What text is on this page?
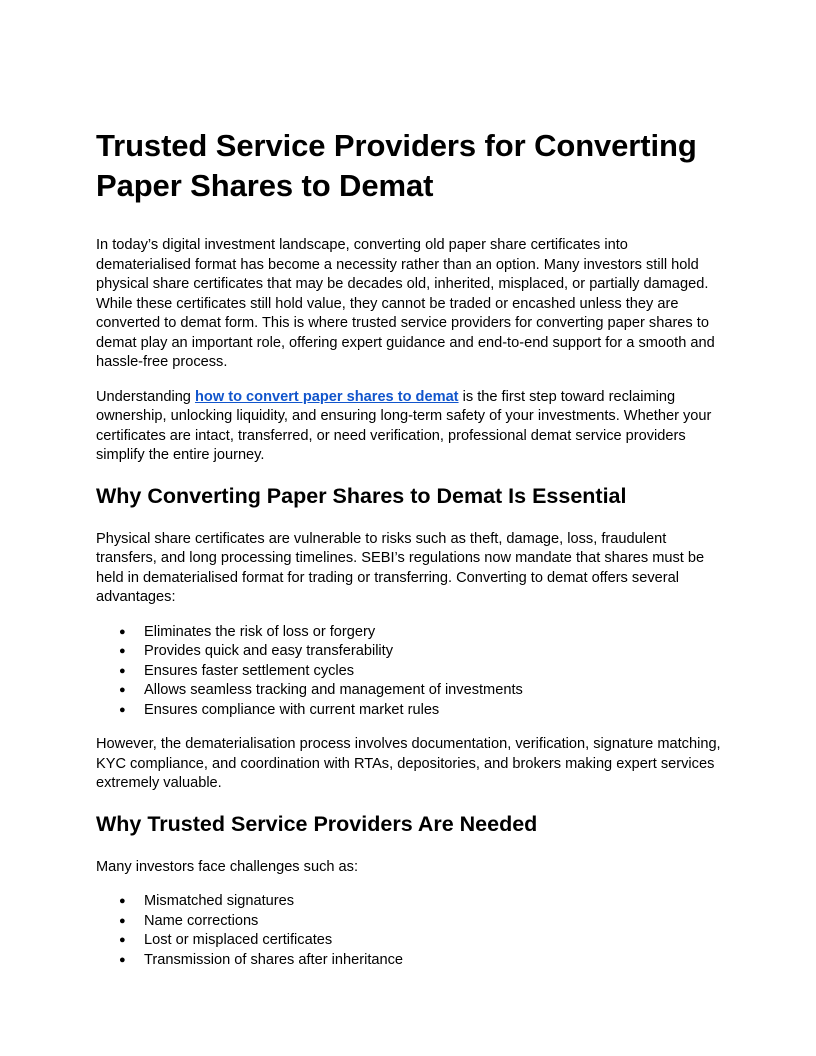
Trusted Service Providers for Converting Paper Shares to Demat

In today’s digital investment landscape, converting old paper share certificates into dematerialised format has become a necessity rather than an option. Many investors still hold physical share certificates that may be decades old, inherited, misplaced, or partially damaged. While these certificates still hold value, they cannot be traded or encashed unless they are converted to demat form. This is where trusted service providers for converting paper shares to demat play an important role, offering expert guidance and end-to-end support for a smooth and hassle-free process.

Understanding how to convert paper shares to demat is the first step toward reclaiming ownership, unlocking liquidity, and ensuring long-term safety of your investments. Whether your certificates are intact, transferred, or need verification, professional demat service providers simplify the entire journey.

Why Converting Paper Shares to Demat Is Essential

Physical share certificates are vulnerable to risks such as theft, damage, loss, fraudulent transfers, and long processing timelines. SEBI’s regulations now mandate that shares must be held in dematerialised format for trading or transferring. Converting to demat offers several advantages:

● Eliminates the risk of loss or forgery
● Provides quick and easy transferability
● Ensures faster settlement cycles
● Allows seamless tracking and management of investments
● Ensures compliance with current market rules

However, the dematerialisation process involves documentation, verification, signature matching, KYC compliance, and coordination with RTAs, depositories, and brokers making expert services extremely valuable.

Why Trusted Service Providers Are Needed

Many investors face challenges such as:

● Mismatched signatures
● Name corrections
● Lost or misplaced certificates
● Transmission of shares after inheritance
